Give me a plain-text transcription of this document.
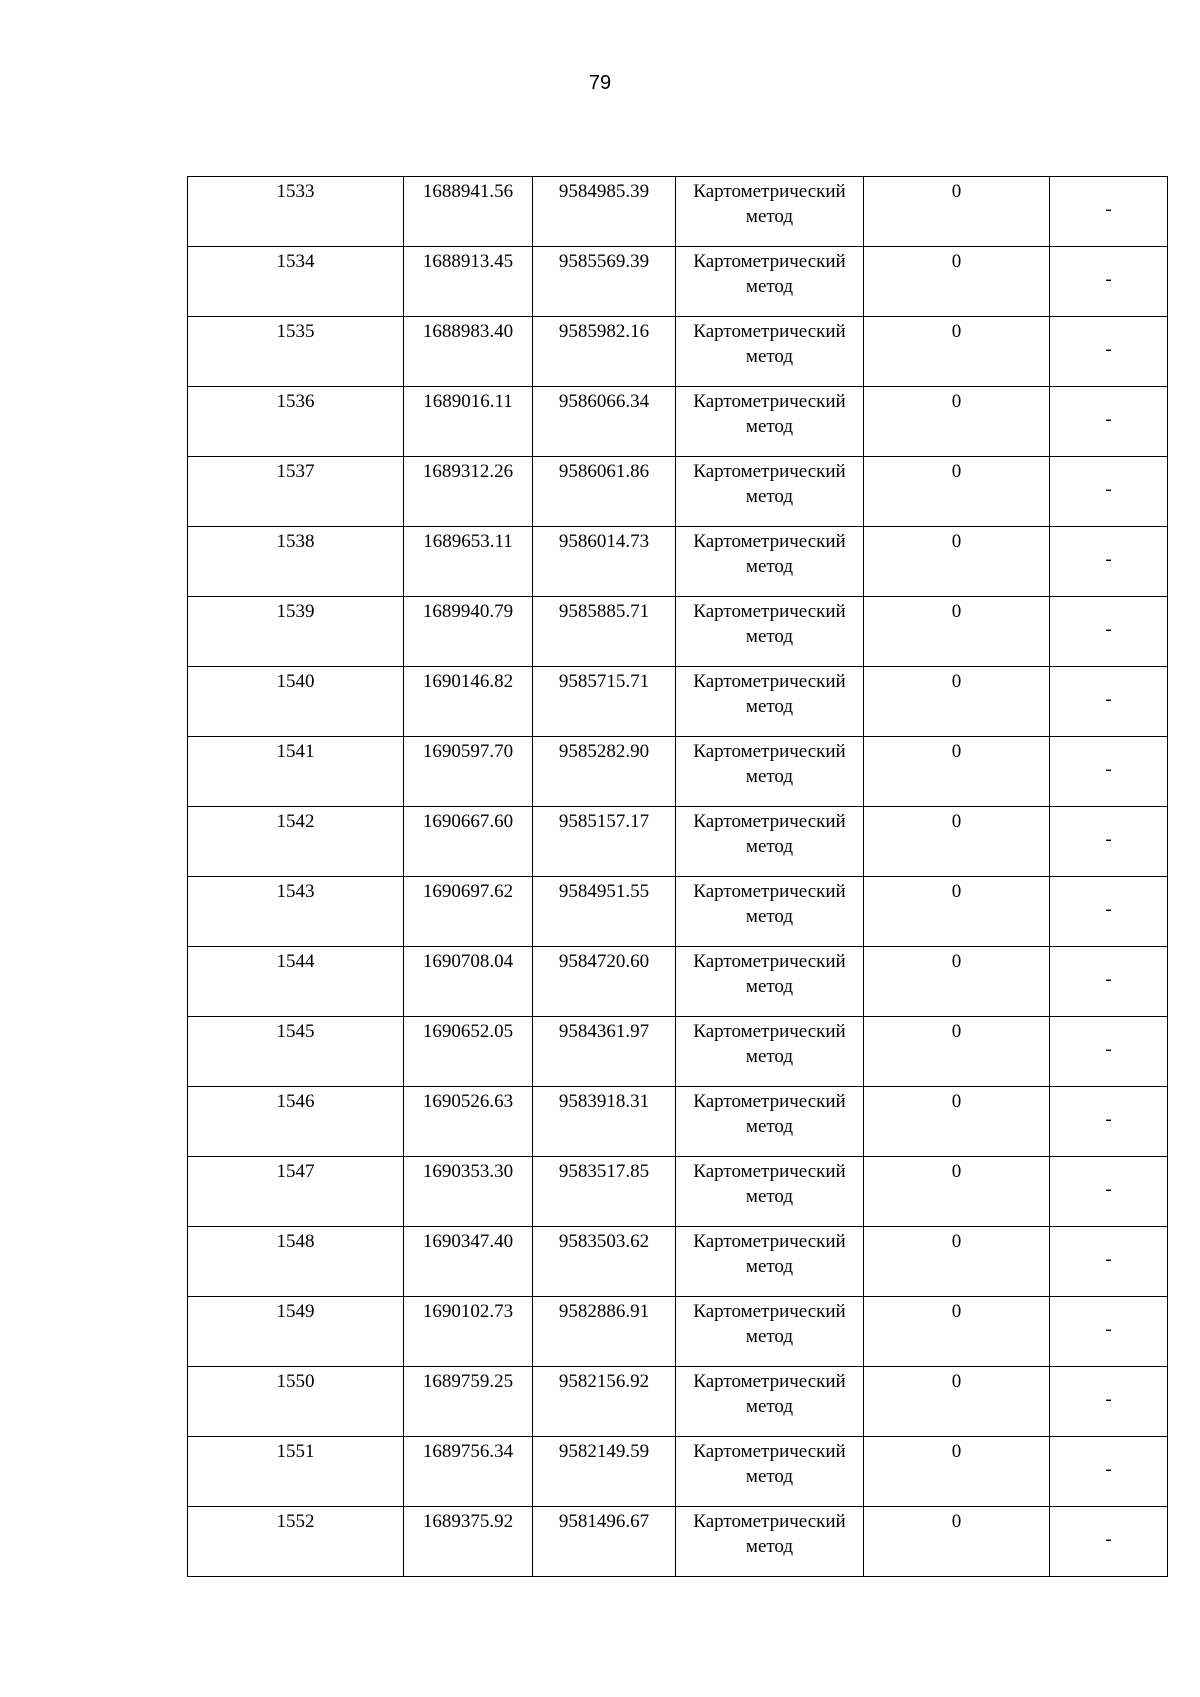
79
1533	1688941.56	9584985.39	Картометрический метод	0	-

1534	1688913.45	9585569.39	Картометрический метод	0	-

1535	1688983.40	9585982.16	Картометрический метод	0	-

1536	1689016.11	9586066.34	Картометрический метод	0	-

1537	1689312.26	9586061.86	Картометрический метод	0	-

1538	1689653.11	9586014.73	Картометрический метод	0	-

1539	1689940.79	9585885.71	Картометрический метод	0	-

1540	1690146.82	9585715.71	Картометрический метод	0	-

1541	1690597.70	9585282.90	Картометрический метод	0	-

1542	1690667.60	9585157.17	Картометрический метод	0	-

1543	1690697.62	9584951.55	Картометрический метод	0	-

1544	1690708.04	9584720.60	Картометрический метод	0	-

1545	1690652.05	9584361.97	Картометрический метод	0	-

1546	1690526.63	9583918.31	Картометрический метод	0	-

1547	1690353.30	9583517.85	Картометрический метод	0	-

1548	1690347.40	9583503.62	Картометрический метод	0	-

1549	1690102.73	9582886.91	Картометрический метод	0	-

1550	1689759.25	9582156.92	Картометрический метод	0	-

1551	1689756.34	9582149.59	Картометрический метод	0	-

1552	1689375.92	9581496.67	Картометрический метод	0	-
